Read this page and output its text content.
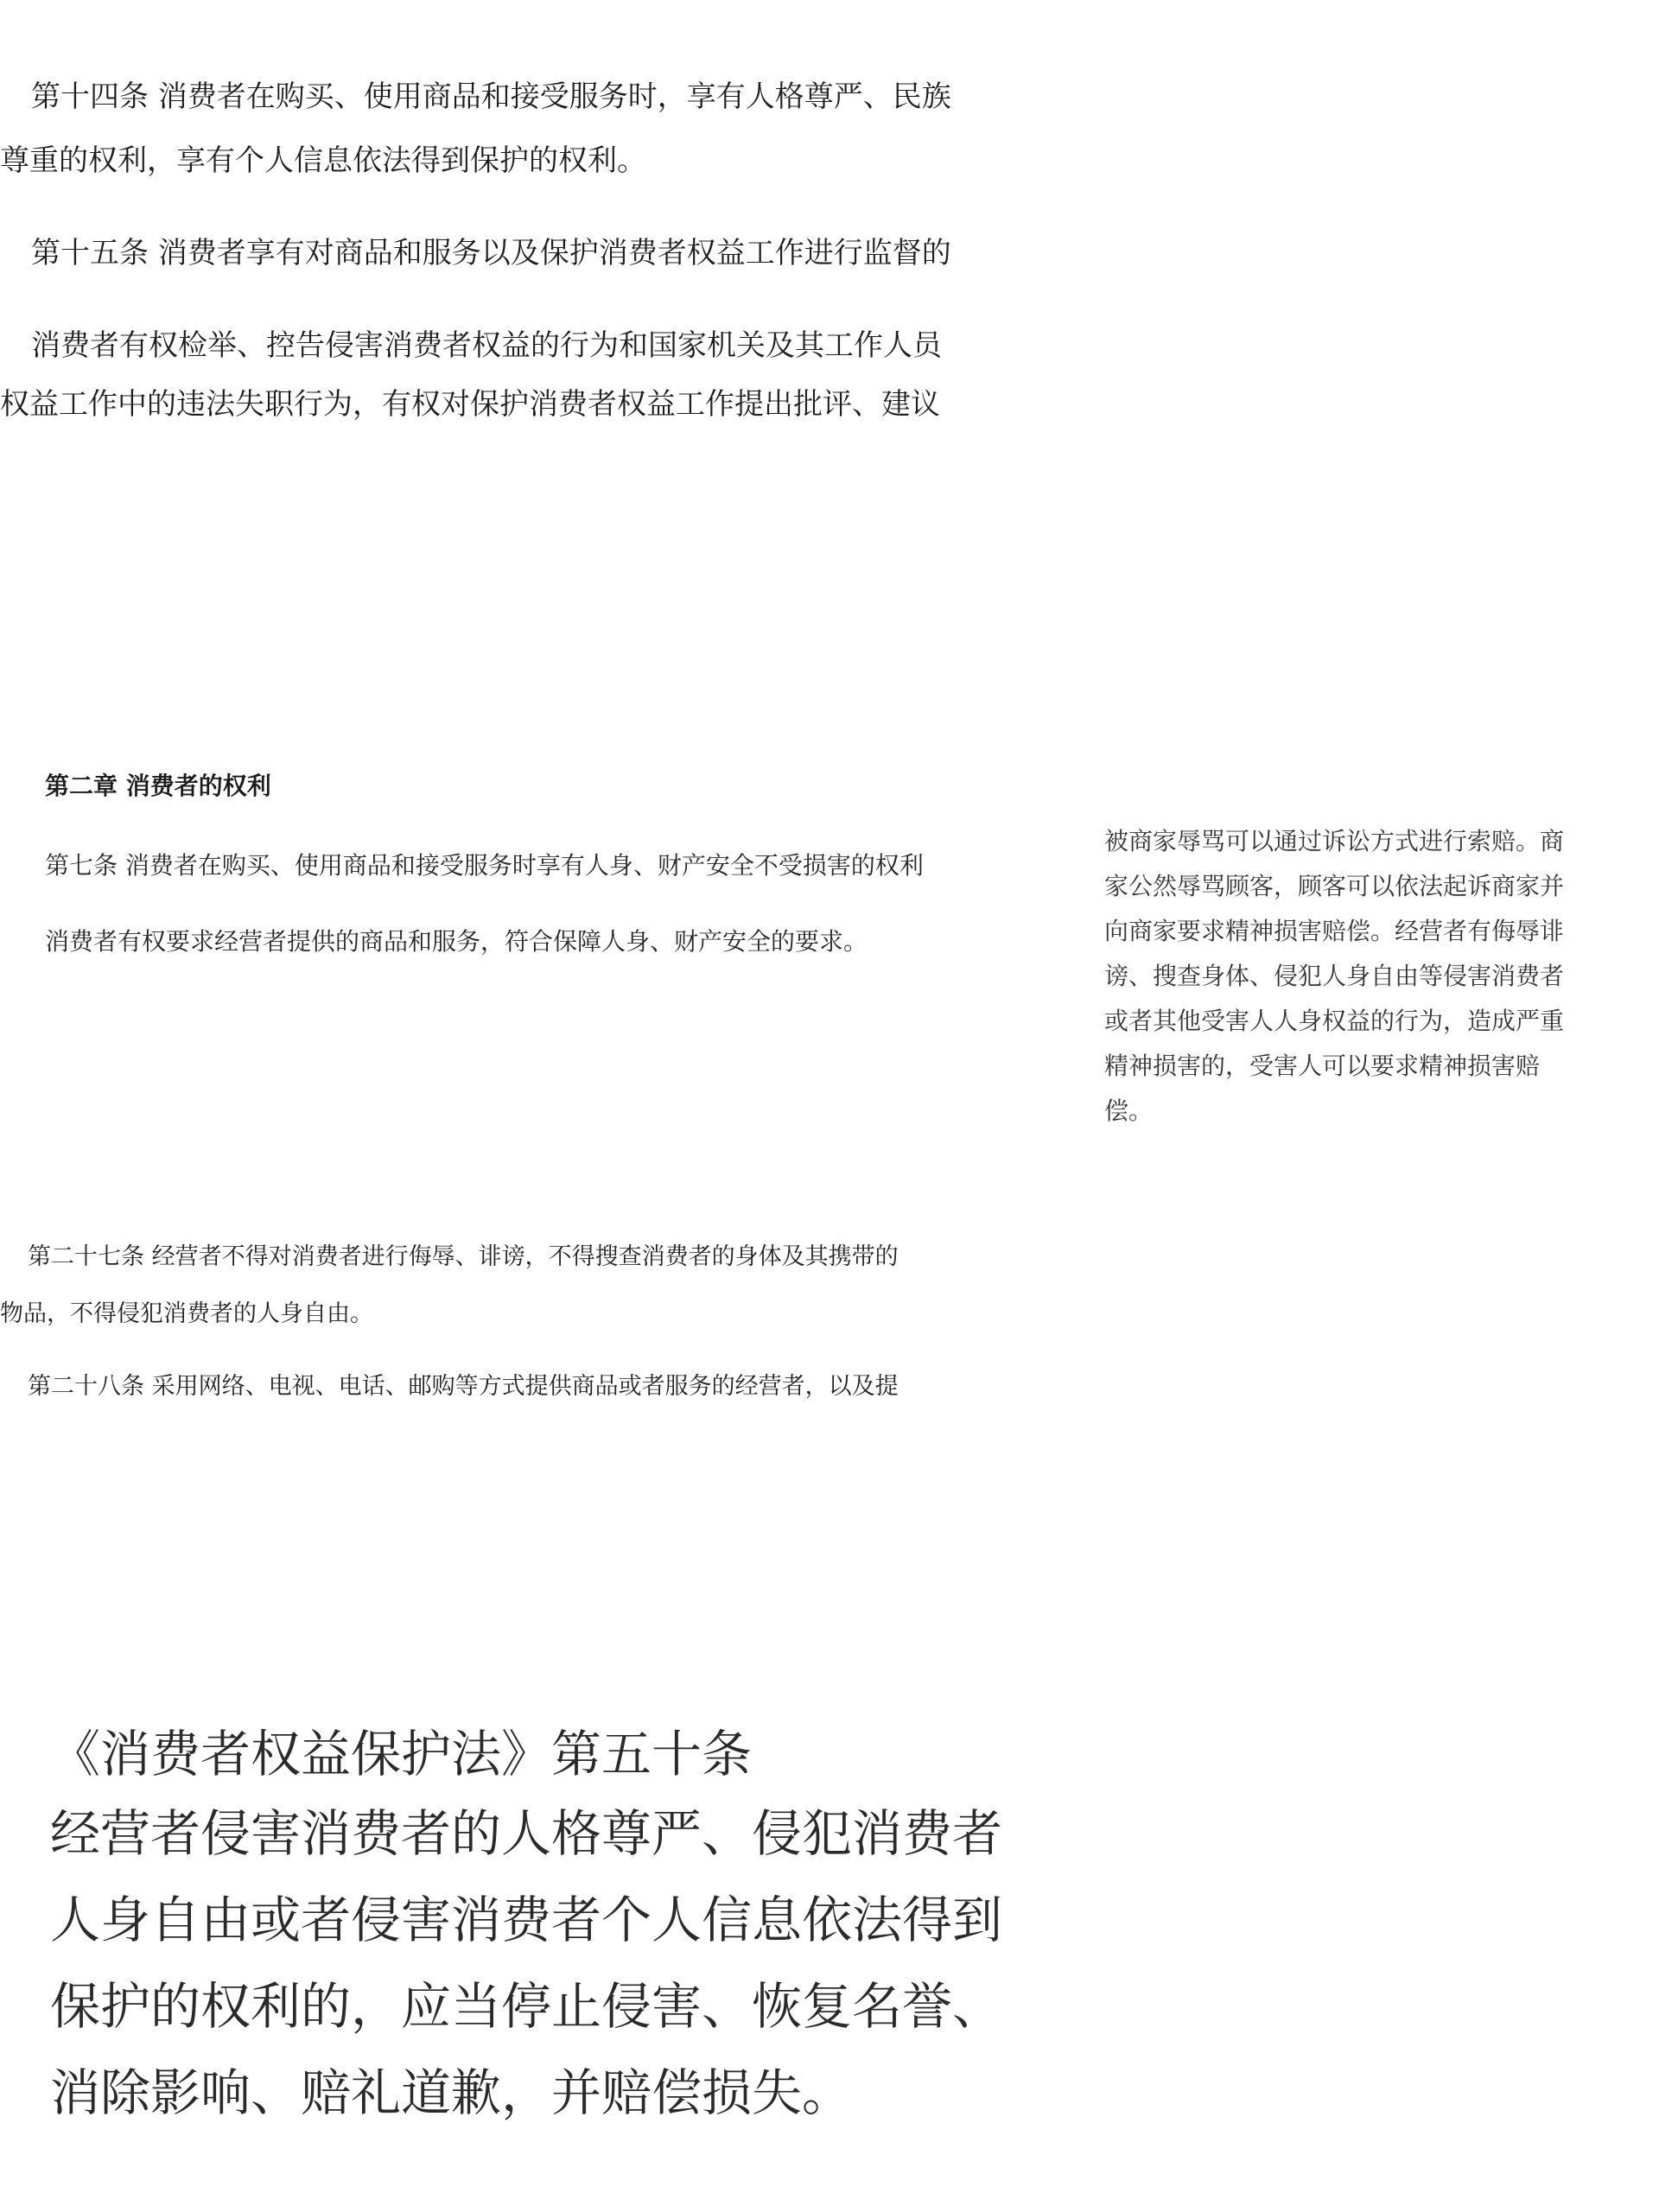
第十四条 消费者在购买、使用商品和接受服务时，享有人格尊严、民族
尊重的权利，享有个人信息依法得到保护的权利。
第十五条 消费者享有对商品和服务以及保护消费者权益工作进行监督的
消费者有权检举、控告侵害消费者权益的行为和国家机关及其工作人员
权益工作中的违法失职行为，有权对保护消费者权益工作提出批评、建议
第二章 消费者的权利
第七条 消费者在购买、使用商品和接受服务时享有人身、财产安全不受损害的权利
消费者有权要求经营者提供的商品和服务，符合保障人身、财产安全的要求。
被商家辱骂可以通过诉讼方式进行索赔。商
家公然辱骂顾客，顾客可以依法起诉商家并
向商家要求精神损害赔偿。经营者有侮辱诽
谤、搜查身体、侵犯人身自由等侵害消费者
或者其他受害人人身权益的行为，造成严重
精神损害的，受害人可以要求精神损害赔
偿。
第二十七条 经营者不得对消费者进行侮辱、诽谤，不得搜查消费者的身体及其携带的
物品，不得侵犯消费者的人身自由。
第二十八条 采用网络、电视、电话、邮购等方式提供商品或者服务的经营者，以及提
《消费者权益保护法》第五十条
经营者侵害消费者的人格尊严、侵犯消费者
人身自由或者侵害消费者个人信息依法得到
保护的权利的，应当停止侵害、恢复名誉、
消除影响、赔礼道歉，并赔偿损失。
